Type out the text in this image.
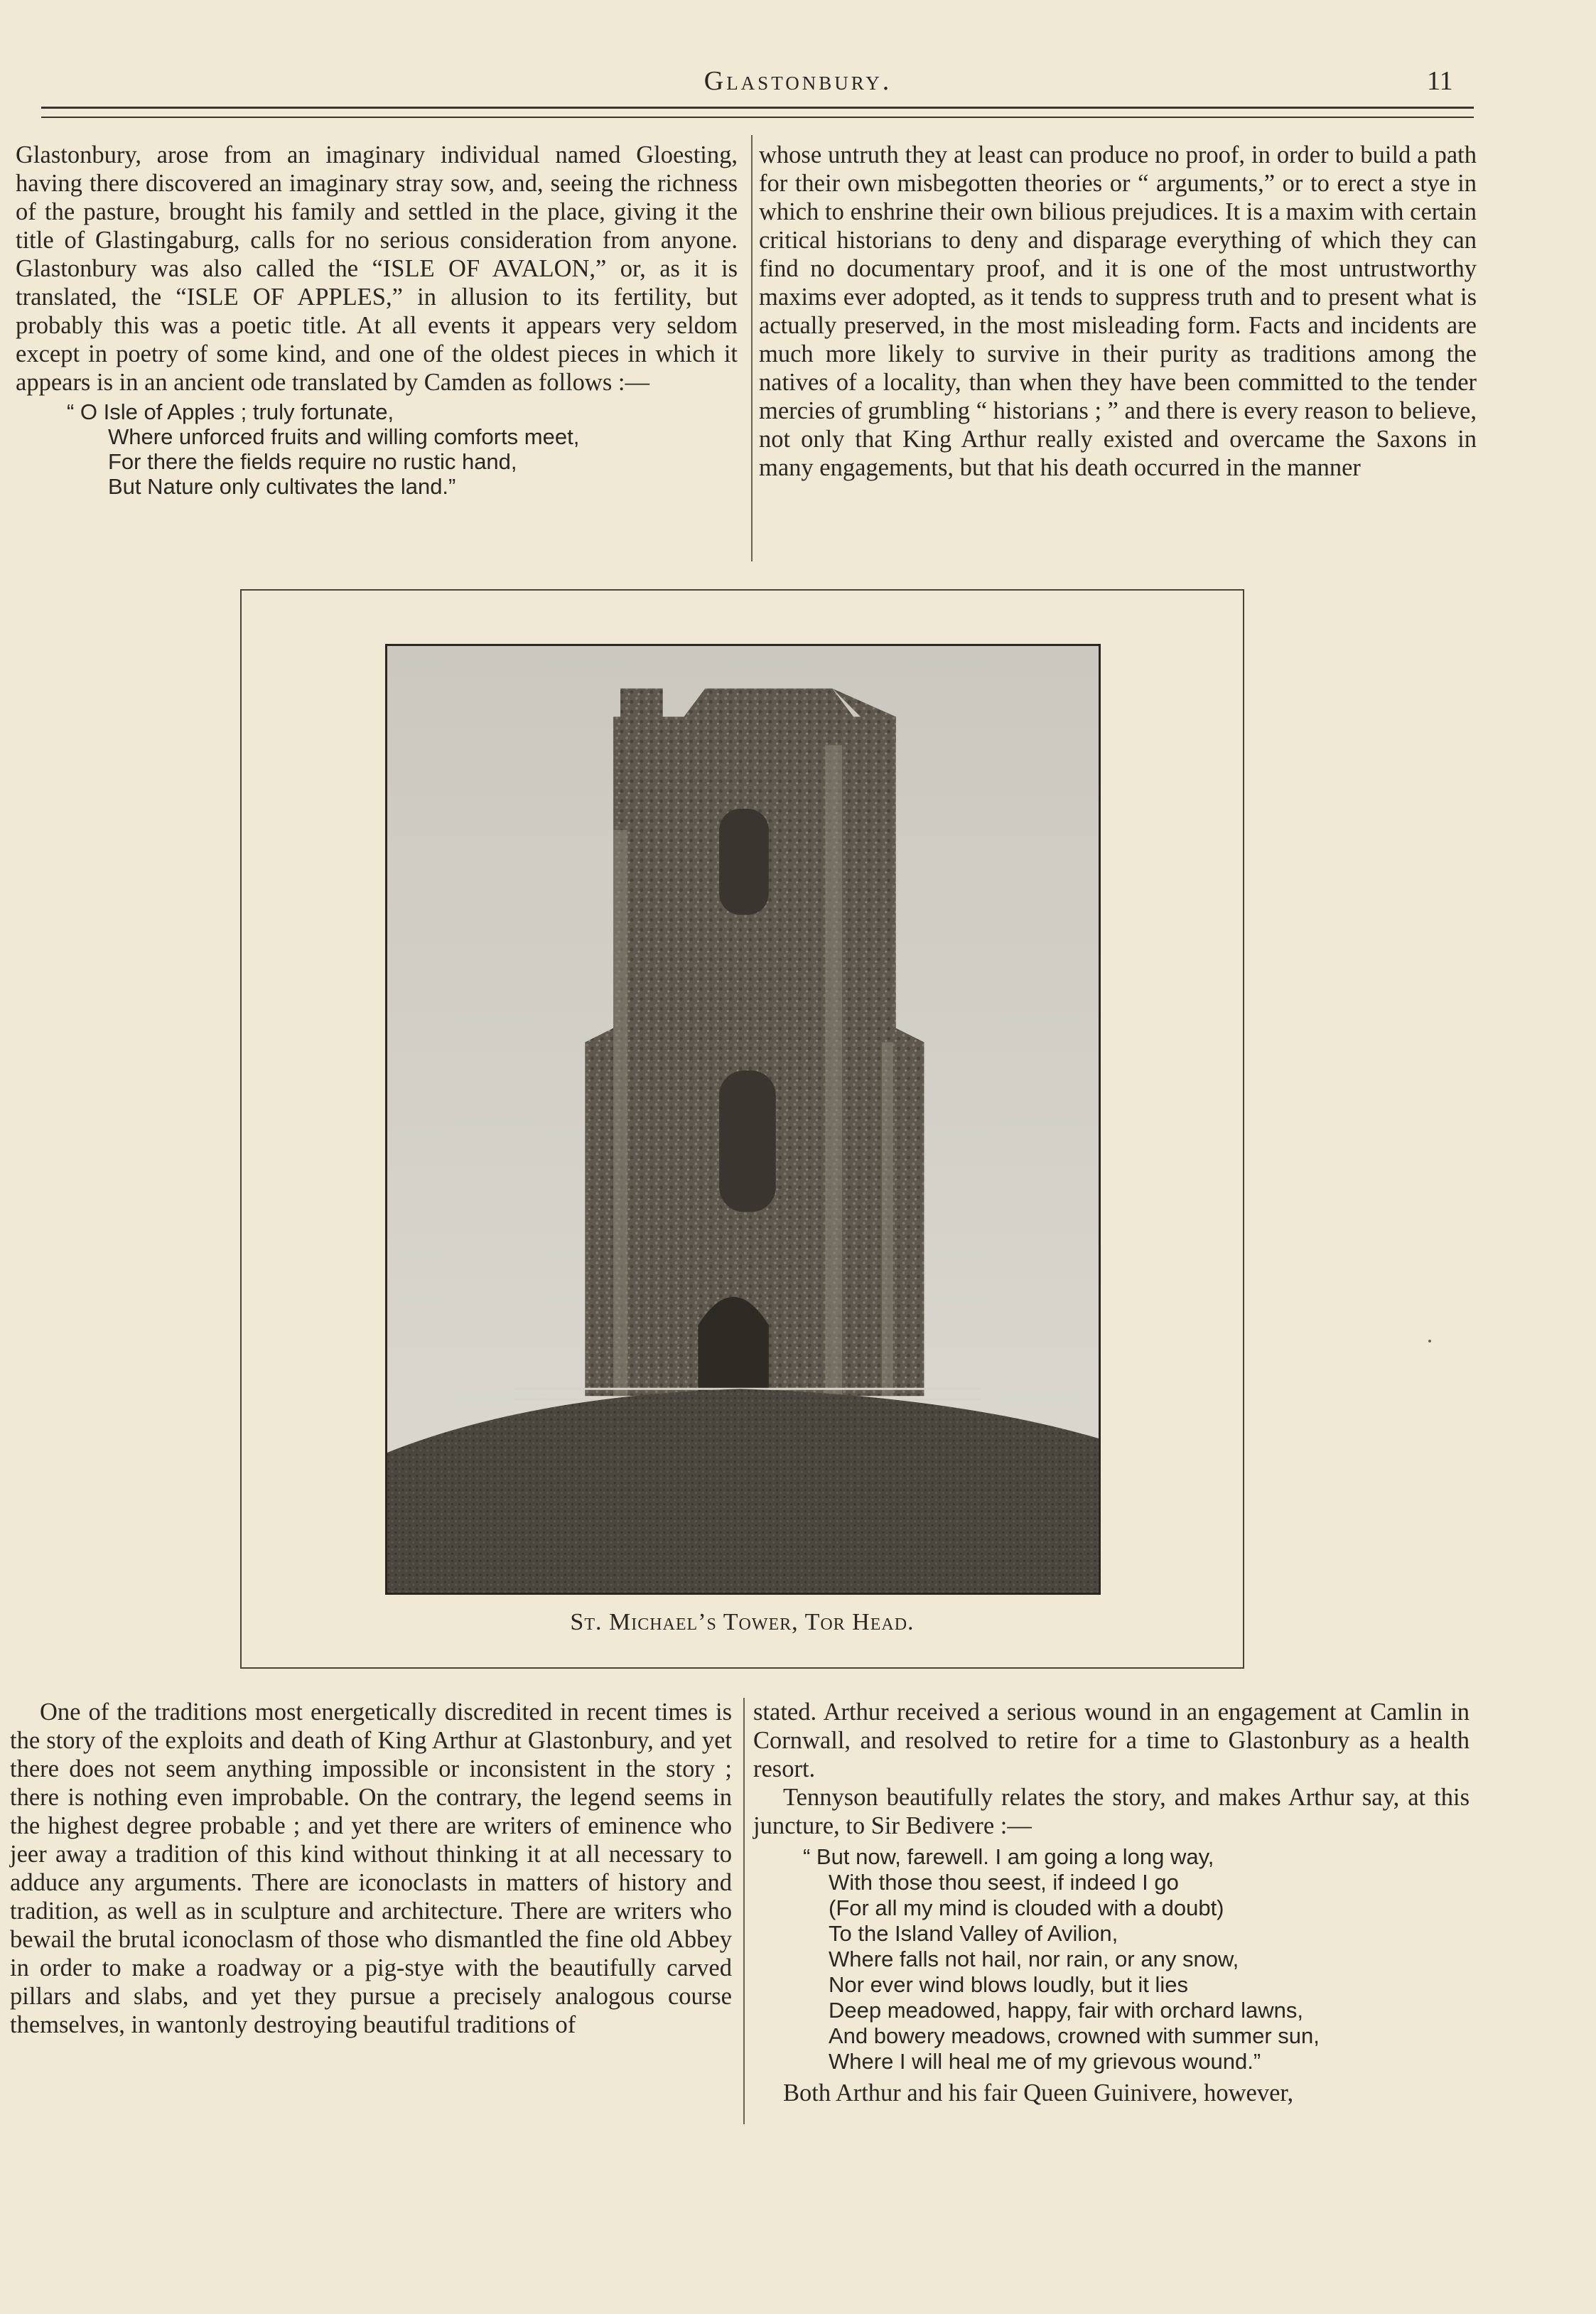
Glastonbury.	11

Glastonbury, arose from an imaginary individual named Gloesting, having there discovered an imaginary stray sow, and, seeing the richness of the pasture, brought his family and settled in the place, giving it the title of Glastingaburg, calls for no serious consideration from anyone. Glastonbury was also called the “ISLE OF AVALON,” or, as it is translated, the “ISLE OF APPLES,” in allusion to its fertility, but probably this was a poetic title. At all events it appears very seldom except in poetry of some kind, and one of the oldest pieces in which it appears is in an ancient ode translated by Camden as follows :—

“ O Isle of Apples ; truly fortunate,
Where unforced fruits and willing comforts meet,
For there the fields require no rustic hand,
But Nature only cultivates the land.”

whose untruth they at least can produce no proof, in order to build a path for their own misbegotten theories or “ arguments,” or to erect a stye in which to enshrine their own bilious prejudices. It is a maxim with certain critical historians to deny and disparage everything of which they can find no documentary proof, and it is one of the most untrustworthy maxims ever adopted, as it tends to suppress truth and to present what is actually preserved, in the most misleading form. Facts and incidents are much more likely to survive in their purity as traditions among the natives of a locality, than when they have been committed to the tender mercies of grumbling “ historians ; ” and there is every reason to believe, not only that King Arthur really existed and overcame the Saxons in many engagements, but that his death occurred in the manner

St. Michael’s Tower, Tor Head.

One of the traditions most energetically discredited in recent times is the story of the exploits and death of King Arthur at Glastonbury, and yet there does not seem anything impossible or inconsistent in the story ; there is nothing even improbable. On the contrary, the legend seems in the highest degree probable ; and yet there are writers of eminence who jeer away a tradition of this kind without thinking it at all necessary to adduce any arguments. There are iconoclasts in matters of history and tradition, as well as in sculpture and architecture. There are writers who bewail the brutal iconoclasm of those who dismantled the fine old Abbey in order to make a roadway or a pig-stye with the beautifully carved pillars and slabs, and yet they pursue a precisely analogous course themselves, in wantonly destroying beautiful traditions of

stated. Arthur received a serious wound in an engagement at Camlin in Cornwall, and resolved to retire for a time to Glastonbury as a health resort.

Tennyson beautifully relates the story, and makes Arthur say, at this juncture, to Sir Bedivere :—

“ But now, farewell. I am going a long way,
With those thou seest, if indeed I go
(For all my mind is clouded with a doubt)
To the Island Valley of Avilion,
Where falls not hail, nor rain, or any snow,
Nor ever wind blows loudly, but it lies
Deep meadowed, happy, fair with orchard lawns,
And bowery meadows, crowned with summer sun,
Where I will heal me of my grievous wound.”

Both Arthur and his fair Queen Guinivere, however,
